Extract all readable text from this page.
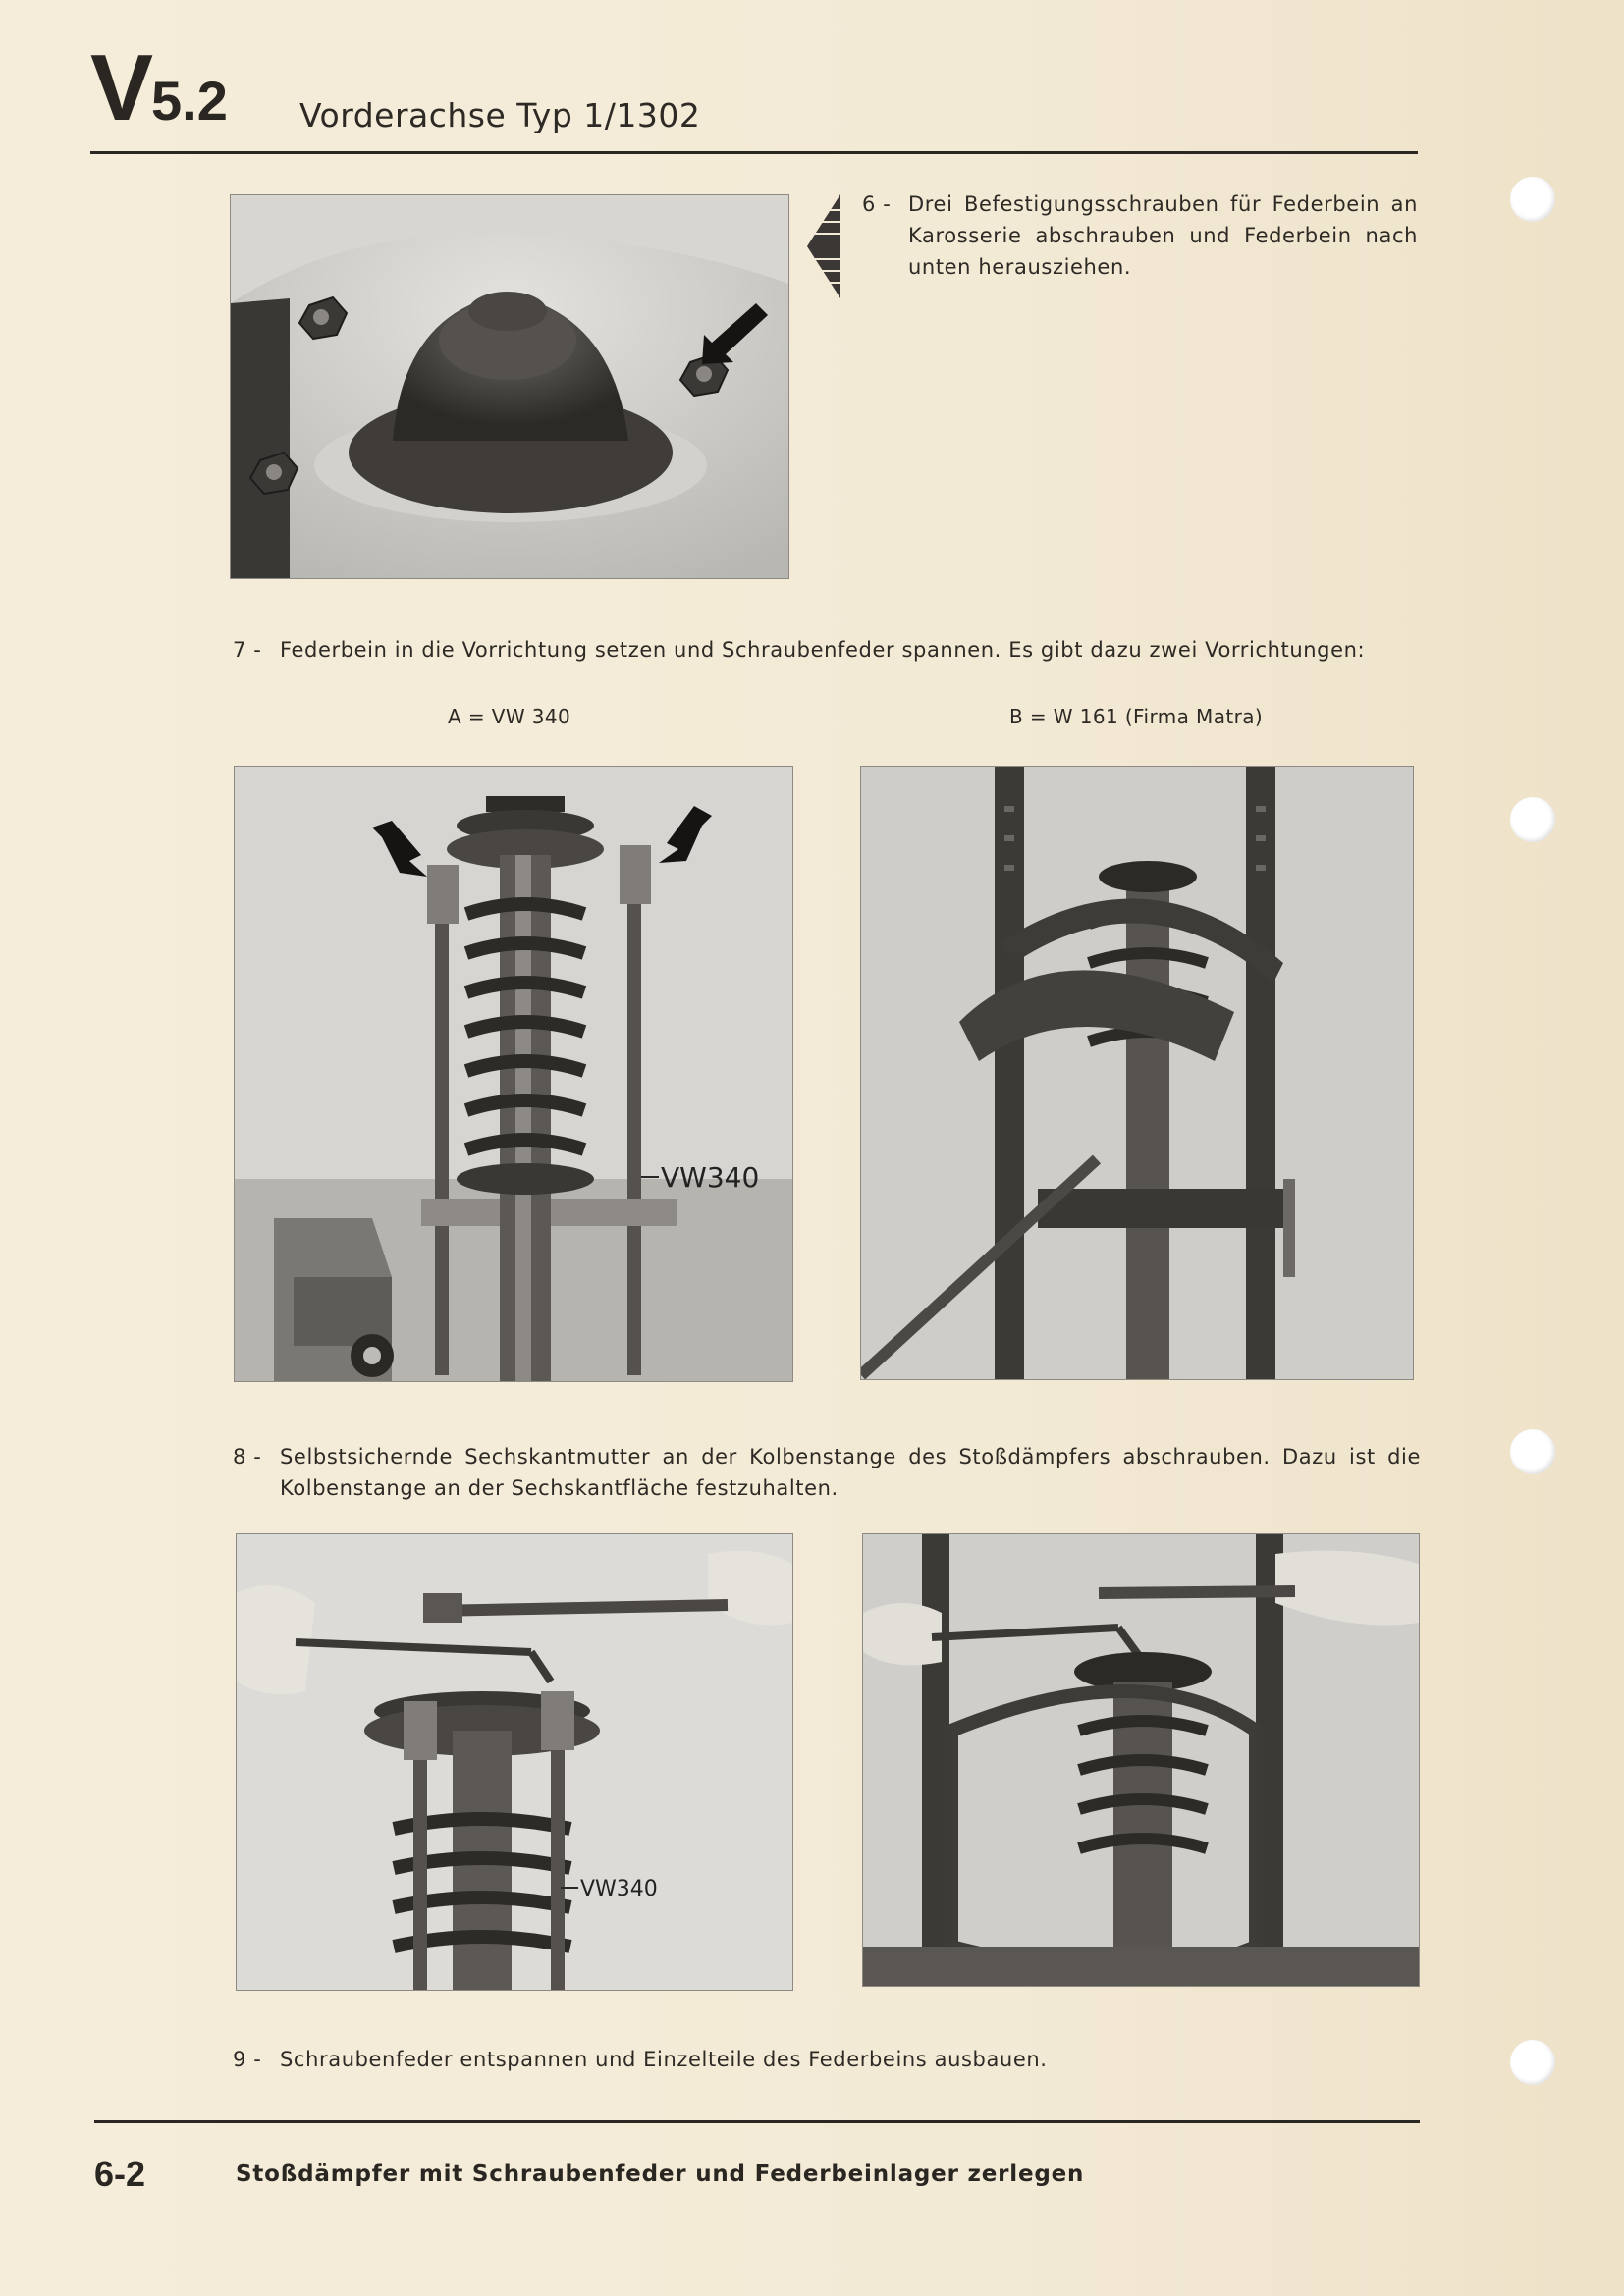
V5.2 Vorderachse Typ 1/1302
6 - Drei Befestigungsschrauben für Federbein an Karosserie abschrauben und Federbein nach unten herausziehen.
7 - Federbein in die Vorrichtung setzen und Schraubenfeder spannen. Es gibt dazu zwei Vorrichtungen:
A = VW 340	B = W 161 (Firma Matra)
VW340
8 - Selbstsichernde Sechskantmutter an der Kolbenstange des Stoßdämpfers abschrauben. Dazu ist die Kolbenstange an der Sechskantfläche festzuhalten.
VW340
9 - Schraubenfeder entspannen und Einzelteile des Federbeins ausbauen.
6-2	Stoßdämpfer mit Schraubenfeder und Federbeinlager zerlegen
